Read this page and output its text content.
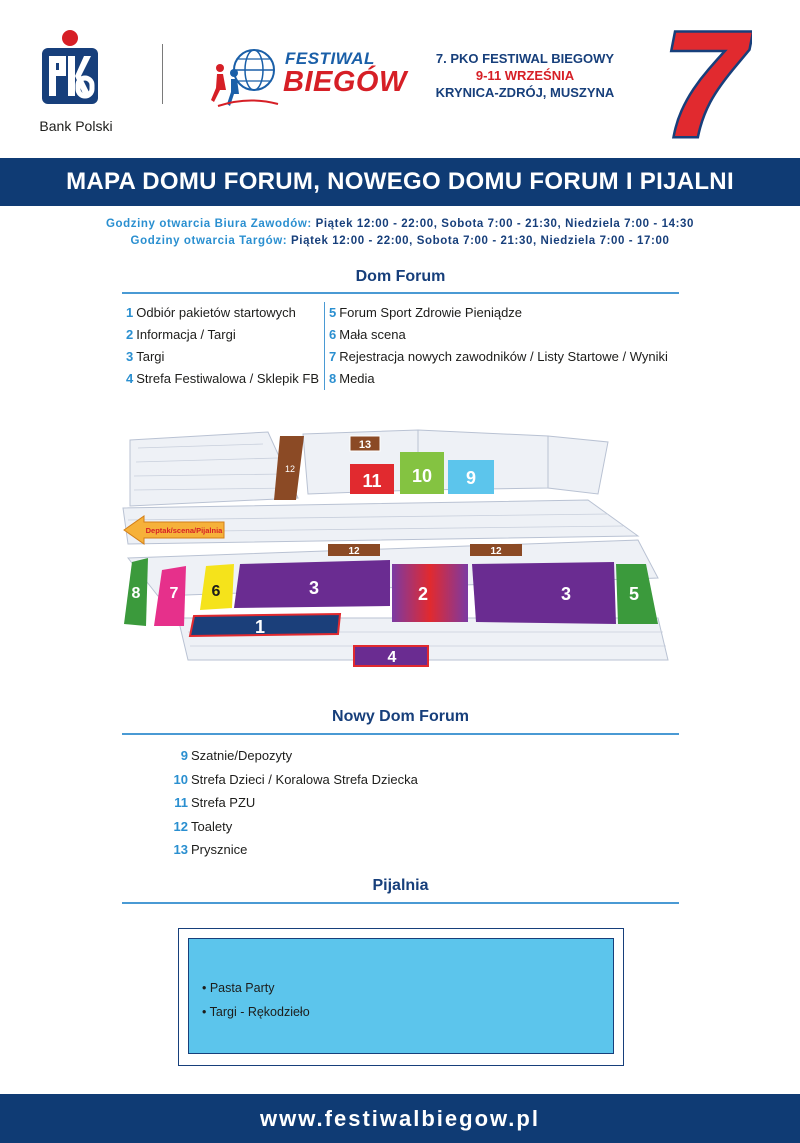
Bank Polski
FESTIWAL
BIEGÓW
7. PKO FESTIWAL BIEGOWY
9-11 WRZEŚNIA
KRYNICA-ZDRÓJ, MUSZYNA 7
MAPA DOMU FORUM, NOWEGO DOMU FORUM I PIJALNI
Godziny otwarcia Biura Zawodów: Piątek 12:00 - 22:00, Sobota 7:00 - 21:30, Niedziela 7:00 - 14:30
Godziny otwarcia Targów: Piątek 12:00 - 22:00, Sobota 7:00 - 21:30, Niedziela 7:00 - 17:00
Dom Forum
1 Odbiór pakietów startowych
2 Informacja / Targi
3 Targi
4 Strefa Festiwalowa / Sklepik FB
5 Forum Sport Zdrowie Pieniądze
6 Mała scena
7 Rejestracja nowych zawodników / Listy Startowe / Wyniki
8 Media
12
13
11 10 9
Deptak/scena/Pijalnia
12	12
8 7 6	3	2	3	5
1
4
Nowy Dom Forum
9 Szatnie/Depozyty
10 Strefa Dzieci / Koralowa Strefa Dziecka
11 Strefa PZU
12 Toalety
13 Prysznice
Pijalnia
• Pasta Party
• Targi - Rękodzieło
www.festiwalbiegow.pl
